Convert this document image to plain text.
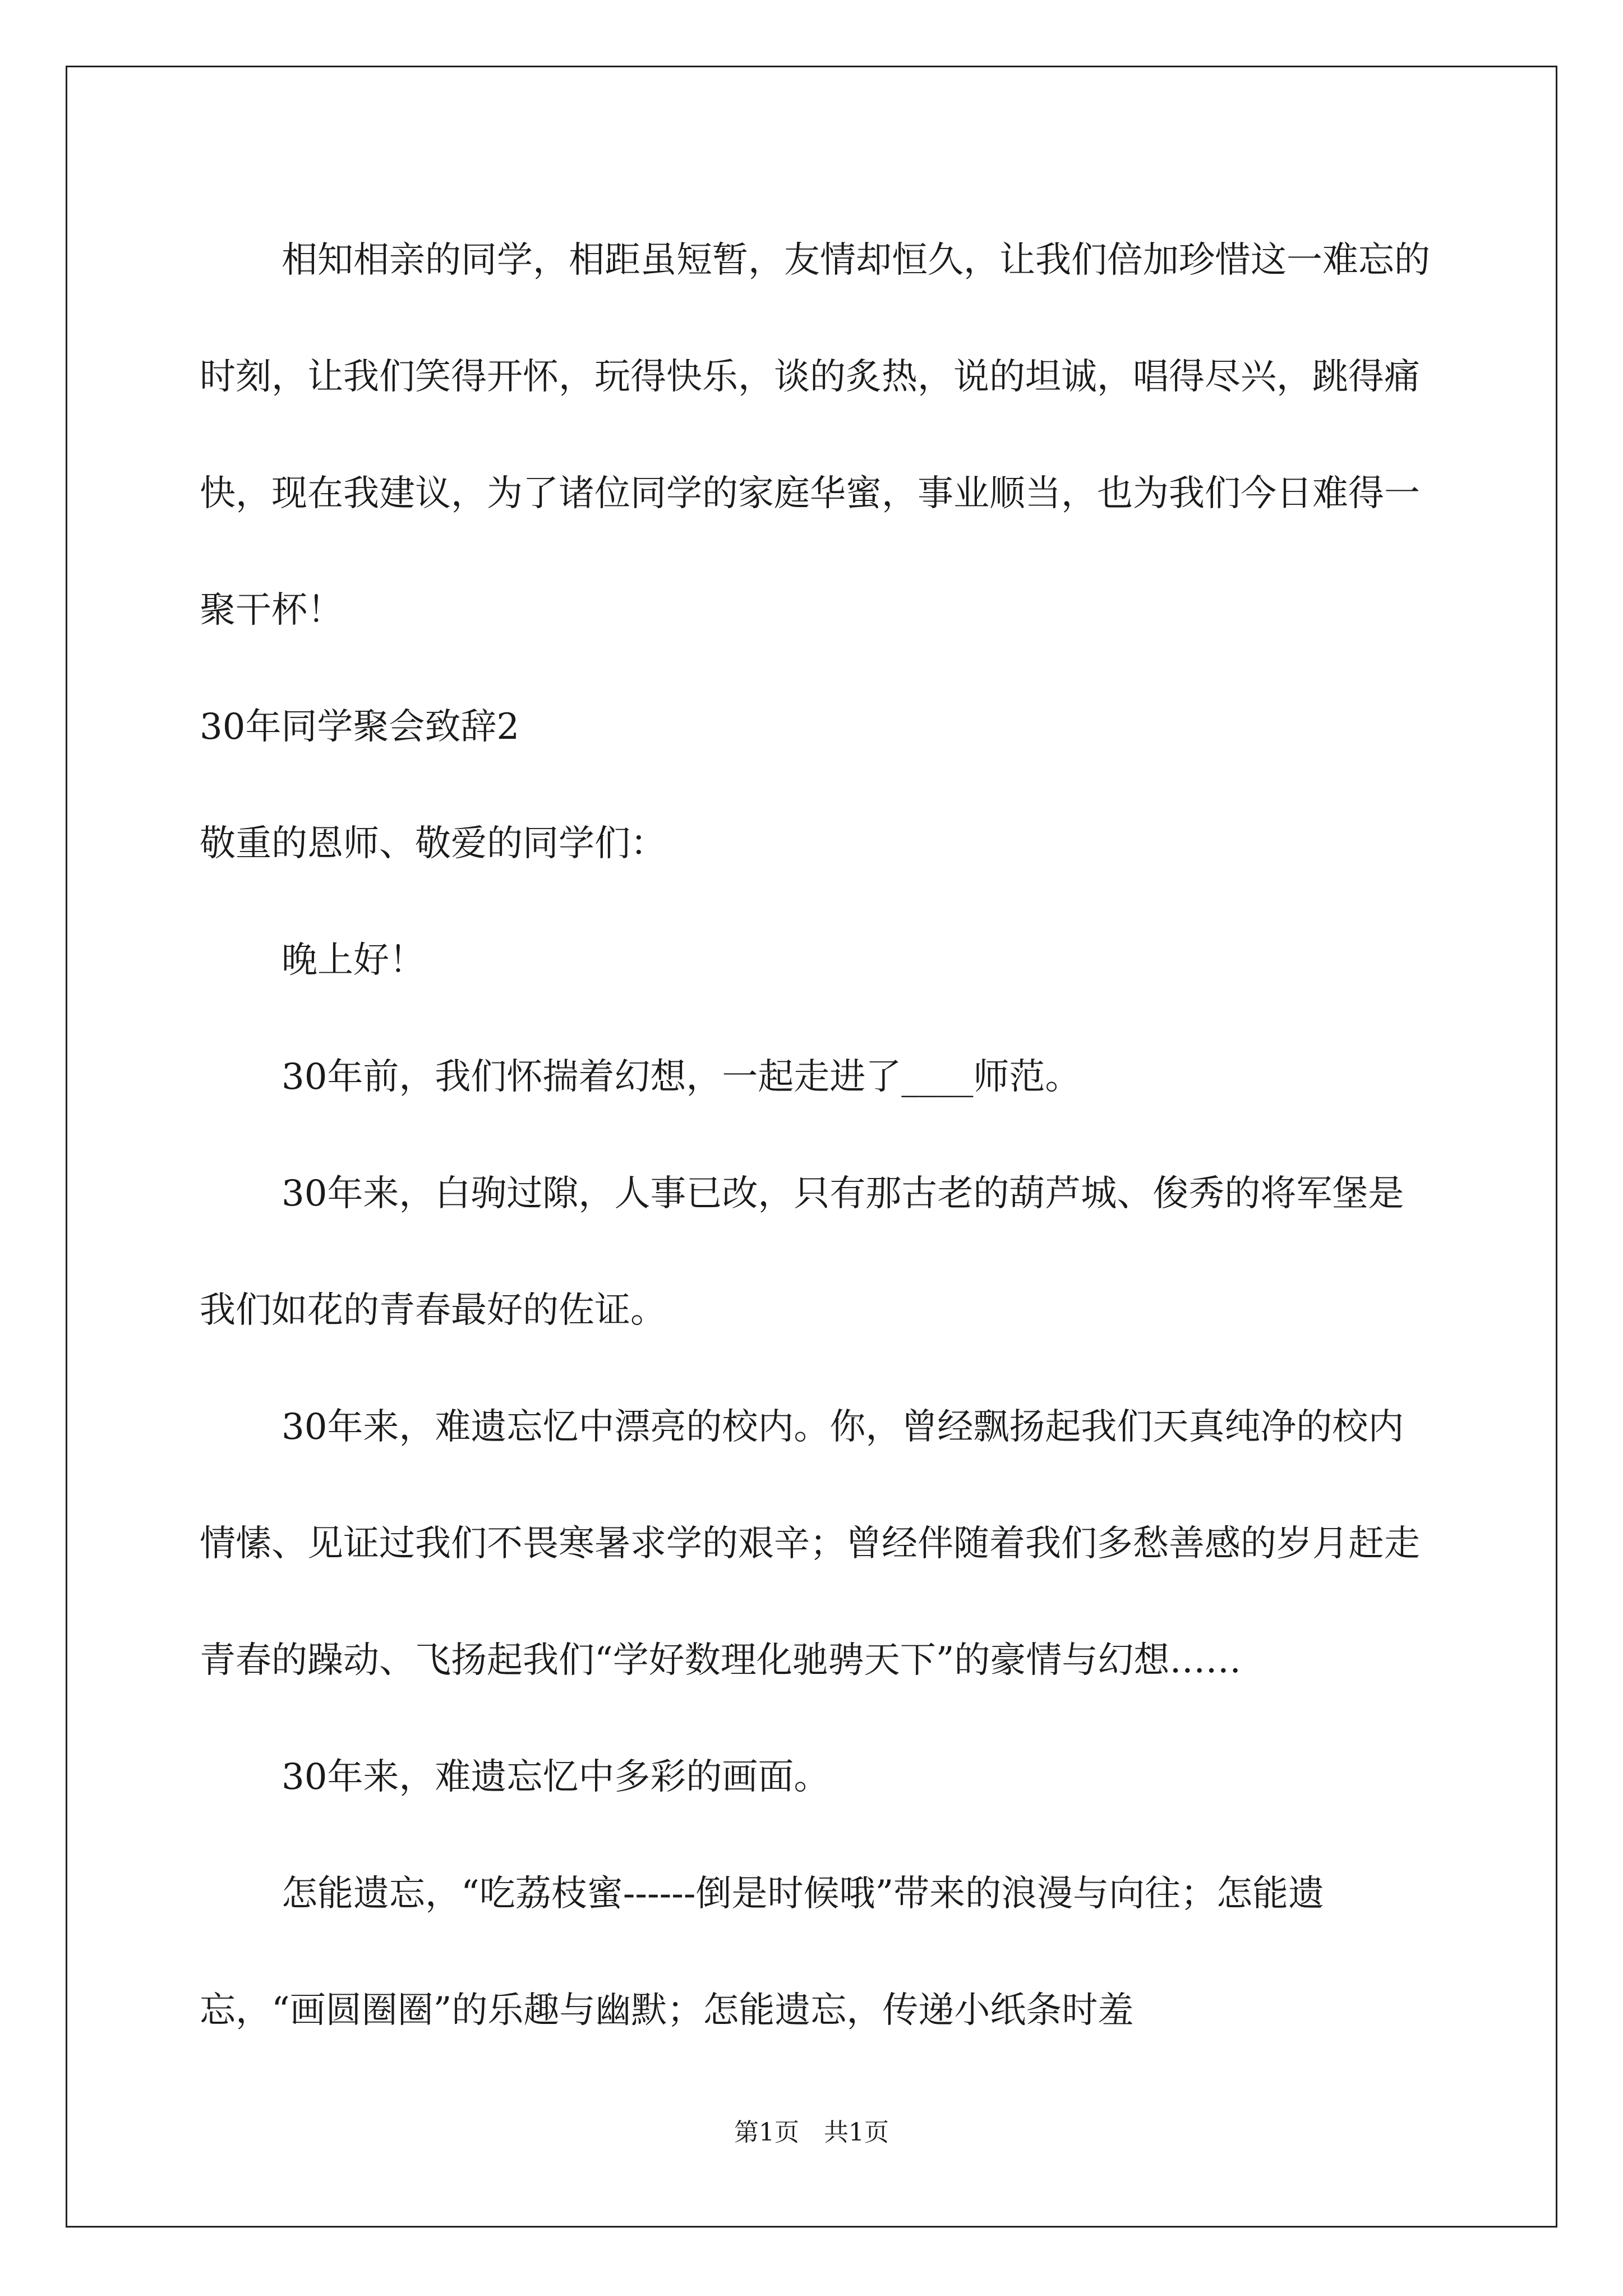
相知相亲的同学，相距虽短暂，友情却恒久，让我们倍加珍惜这一难忘的时刻，让我们笑得开怀，玩得快乐，谈的炙热，说的坦诚，唱得尽兴，跳得痛快，现在我建议，为了诸位同学的家庭华蜜，事业顺当，也为我们今日难得一聚干杯！

30年同学聚会致辞2

敬重的恩师、敬爱的同学们：

晚上好！

30年前，我们怀揣着幻想，一起走进了____师范。

30年来，白驹过隙，人事已改，只有那古老的葫芦城、俊秀的将军堡是我们如花的青春最好的佐证。

30年来，难遗忘忆中漂亮的校内。你，曾经飘扬起我们天真纯净的校内情愫、见证过我们不畏寒暑求学的艰辛；曾经伴随着我们多愁善感的岁月赶走青春的躁动、飞扬起我们“学好数理化驰骋天下”的豪情与幻想……

30年来，难遗忘忆中多彩的画面。

怎能遗忘，“吃荔枝蜜------倒是时候哦”带来的浪漫与向往；怎能遗忘，“画圆圈圈”的乐趣与幽默；怎能遗忘，传递小纸条时羞

第1页　共1页
